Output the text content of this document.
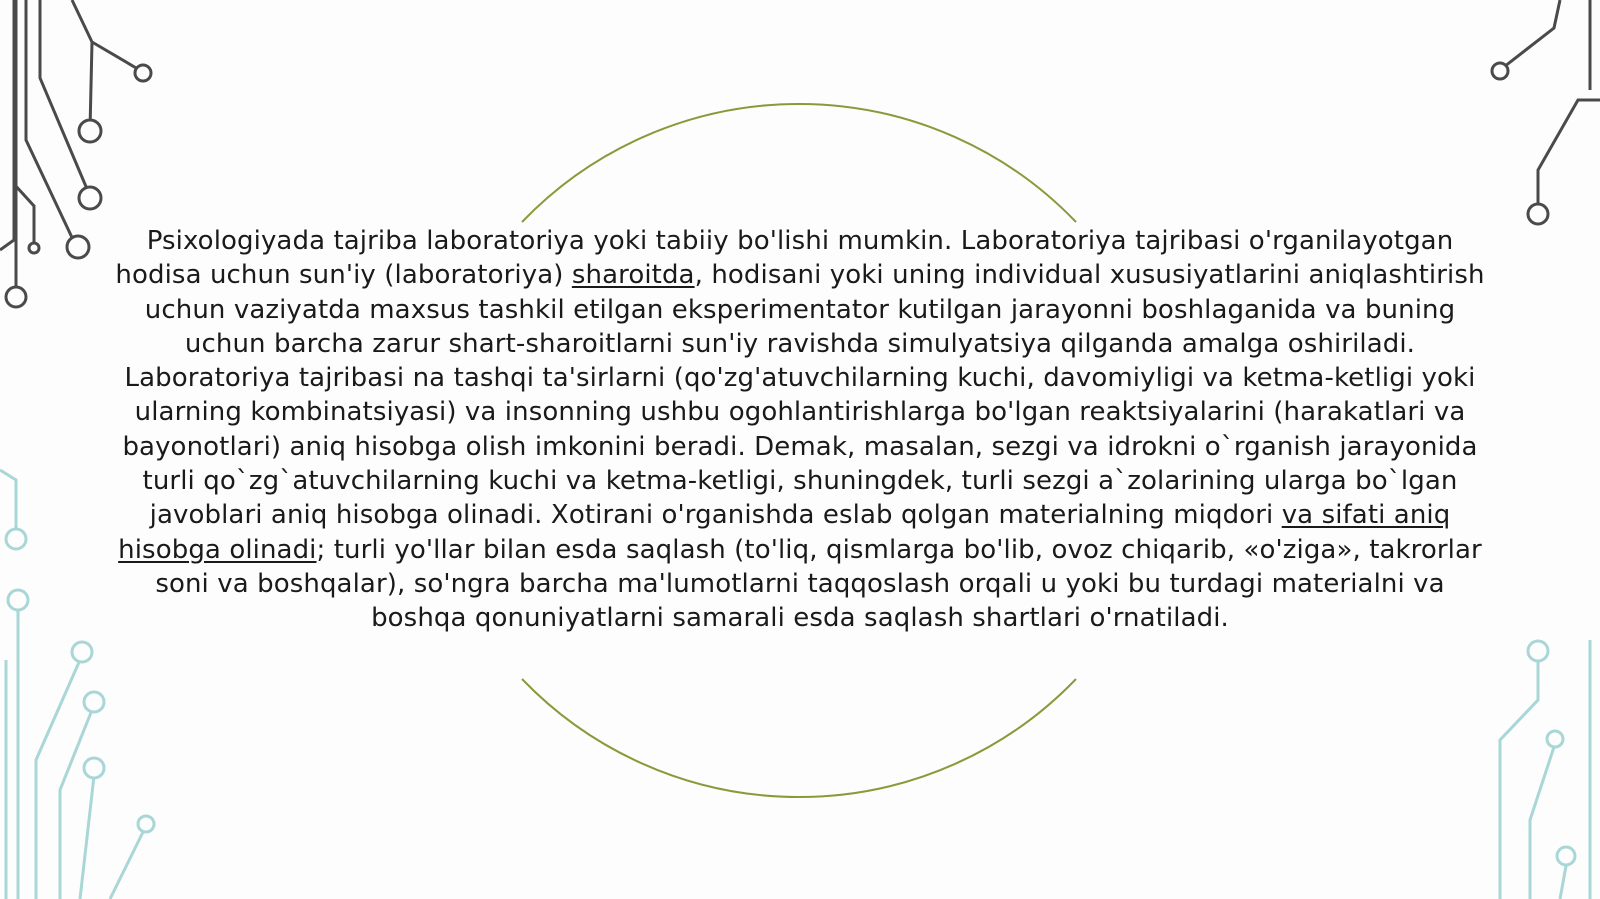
Psixologiyada tajriba laboratoriya yoki tabiiy bo'lishi mumkin. Laboratoriya tajribasi o'rganilayotgan hodisa uchun sun'iy (laboratoriya) sharoitda, hodisani yoki uning individual xususiyatlarini aniqlashtirish uchun vaziyatda maxsus tashkil etilgan eksperimentator kutilgan jarayonni boshlaganida va buning uchun barcha zarur shart-sharoitlarni sun'iy ravishda simulyatsiya qilganda amalga oshiriladi. Laboratoriya tajribasi na tashqi ta'sirlarni (qo'zg'atuvchilarning kuchi, davomiyligi va ketma-ketligi yoki ularning kombinatsiyasi) va insonning ushbu ogohlantirishlarga bo'lgan reaktsiyalarini (harakatlari va bayonotlari) aniq hisobga olish imkonini beradi. Demak, masalan, sezgi va idrokni o`rganish jarayonida turli qo`zg`atuvchilarning kuchi va ketma-ketligi, shuningdek, turli sezgi a`zolarining ularga bo`lgan javoblari aniq hisobga olinadi. Xotirani o'rganishda eslab qolgan materialning miqdori va sifati aniq hisobga olinadi; turli yo'llar bilan esda saqlash (to'liq, qismlarga bo'lib, ovoz chiqarib, «o'ziga», takrorlar soni va boshqalar), so'ngra barcha ma'lumotlarni taqqoslash orqali u yoki bu turdagi materialni va boshqa qonuniyatlarni samarali esda saqlash shartlari o'rnatiladi.
